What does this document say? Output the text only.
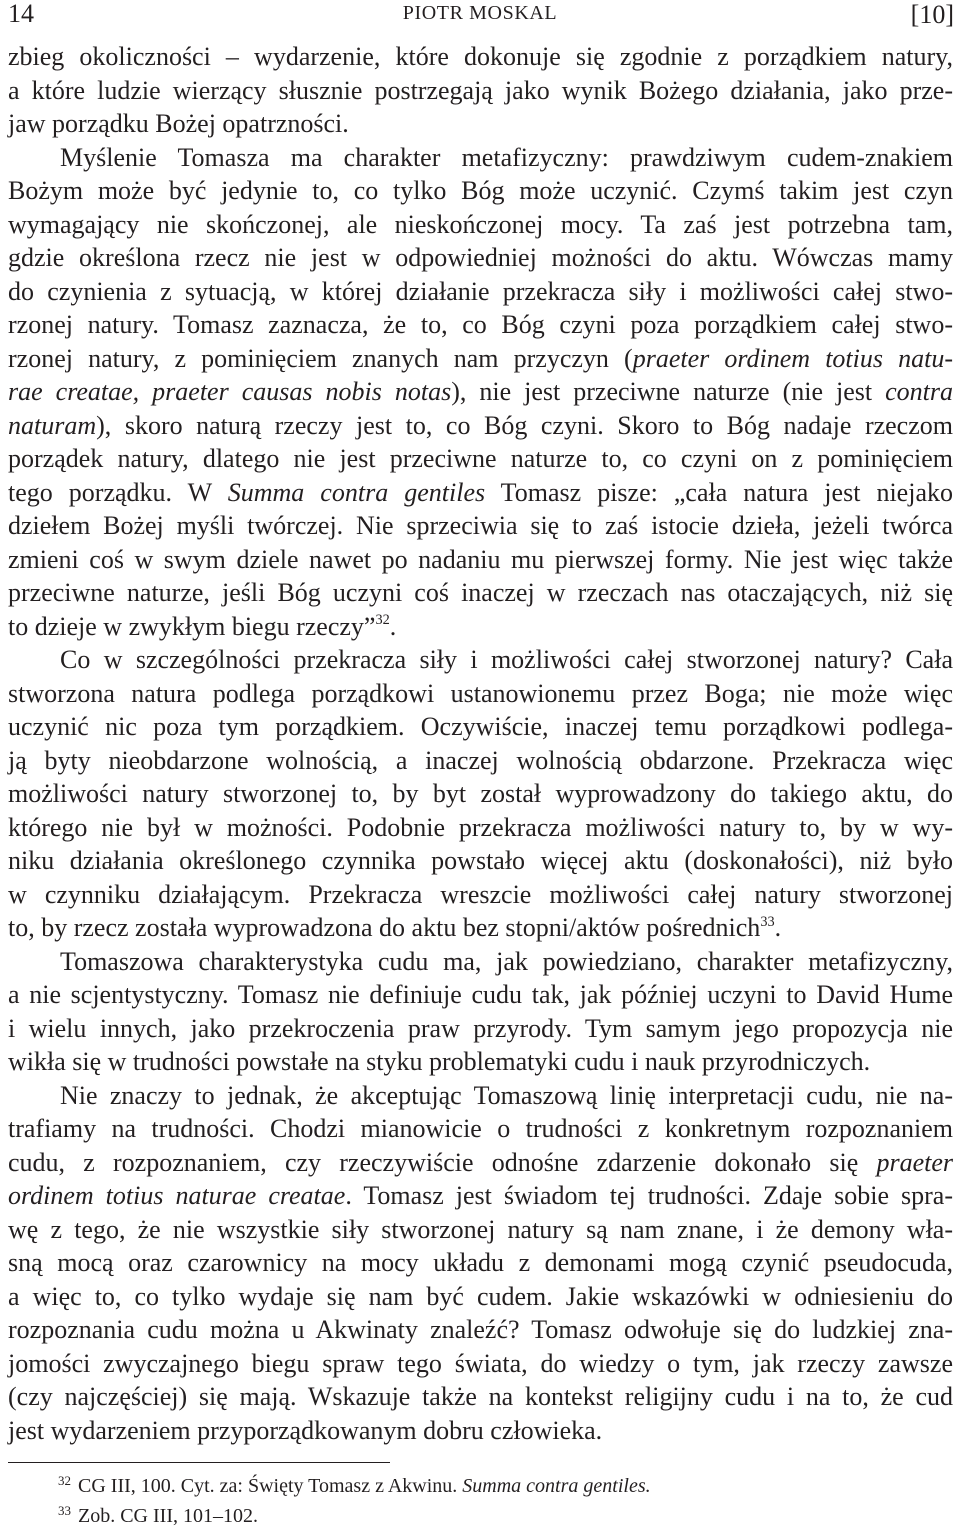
14	PIOTR MOSKAL	[10]
zbieg okoliczności – wydarzenie, które dokonuje się zgodnie z porządkiem natury,
a które ludzie wierzący słusznie postrzegają jako wynik Bożego działania, jako prze-
jaw porządku Bożej opatrzności.
Myślenie Tomasza ma charakter metafizyczny: prawdziwym cudem-znakiem
Bożym może być jedynie to, co tylko Bóg może uczynić. Czymś takim jest czyn
wymagający nie skończonej, ale nieskończonej mocy. Ta zaś jest potrzebna tam,
gdzie określona rzecz nie jest w odpowiedniej możności do aktu. Wówczas mamy
do czynienia z sytuacją, w której działanie przekracza siły i możliwości całej stwo-
rzonej natury. Tomasz zaznacza, że to, co Bóg czyni poza porządkiem całej stwo-
rzonej natury, z pominięciem znanych nam przyczyn (praeter ordinem totius natu-
rae creatae, praeter causas nobis notas), nie jest przeciwne naturze (nie jest contra
naturam), skoro naturą rzeczy jest to, co Bóg czyni. Skoro to Bóg nadaje rzeczom
porządek natury, dlatego nie jest przeciwne naturze to, co czyni on z pominięciem
tego porządku. W Summa contra gentiles Tomasz pisze: „cała natura jest niejako
dziełem Bożej myśli twórczej. Nie sprzeciwia się to zaś istocie dzieła, jeżeli twórca
zmieni coś w swym dziele nawet po nadaniu mu pierwszej formy. Nie jest więc także
przeciwne naturze, jeśli Bóg uczyni coś inaczej w rzeczach nas otaczających, niż się
to dzieje w zwykłym biegu rzeczy”$^{32}$.
Co w szczególności przekracza siły i możliwości całej stworzonej natury? Cała
stworzona natura podlega porządkowi ustanowionemu przez Boga; nie może więc
uczynić nic poza tym porządkiem. Oczywiście, inaczej temu porządkowi podlega-
ją byty nieobdarzone wolnością, a inaczej wolnością obdarzone. Przekracza więc
możliwości natury stworzonej to, by byt został wyprowadzony do takiego aktu, do
którego nie był w możności. Podobnie przekracza możliwości natury to, by w wy-
niku działania określonego czynnika powstało więcej aktu (doskonałości), niż było
w czynniku działającym. Przekracza wreszcie możliwości całej natury stworzonej
to, by rzecz została wyprowadzona do aktu bez stopni/aktów pośrednich$^{33}$.
Tomaszowa charakterystyka cudu ma, jak powiedziano, charakter metafizyczny,
a nie scjentystyczny. Tomasz nie definiuje cudu tak, jak później uczyni to David Hume
i wielu innych, jako przekroczenia praw przyrody. Tym samym jego propozycja nie
wikła się w trudności powstałe na styku problematyki cudu i nauk przyrodniczych.
Nie znaczy to jednak, że akceptując Tomaszową linię interpretacji cudu, nie na-
trafiamy na trudności. Chodzi mianowicie o trudności z konkretnym rozpoznaniem
cudu, z rozpoznaniem, czy rzeczywiście odnośne zdarzenie dokonało się praeter
ordinem totius naturae creatae. Tomasz jest świadom tej trudności. Zdaje sobie spra-
wę z tego, że nie wszystkie siły stworzonej natury są nam znane, i że demony wła-
sną mocą oraz czarownicy na mocy układu z demonami mogą czynić pseudocuda,
a więc to, co tylko wydaje się nam być cudem. Jakie wskazówki w odniesieniu do
rozpoznania cudu można u Akwinaty znaleźć? Tomasz odwołuje się do ludzkiej zna-
jomości zwyczajnego biegu spraw tego świata, do wiedzy o tym, jak rzeczy zawsze
(czy najczęściej) się mają. Wskazuje także na kontekst religijny cudu i na to, że cud
jest wydarzeniem przyporządkowanym dobru człowieka.
$^{32}$ CG III, 100. Cyt. za: Święty Tomasz z Akwinu. Summa contra gentiles.
$^{33}$ Zob. CG III, 101–102.
